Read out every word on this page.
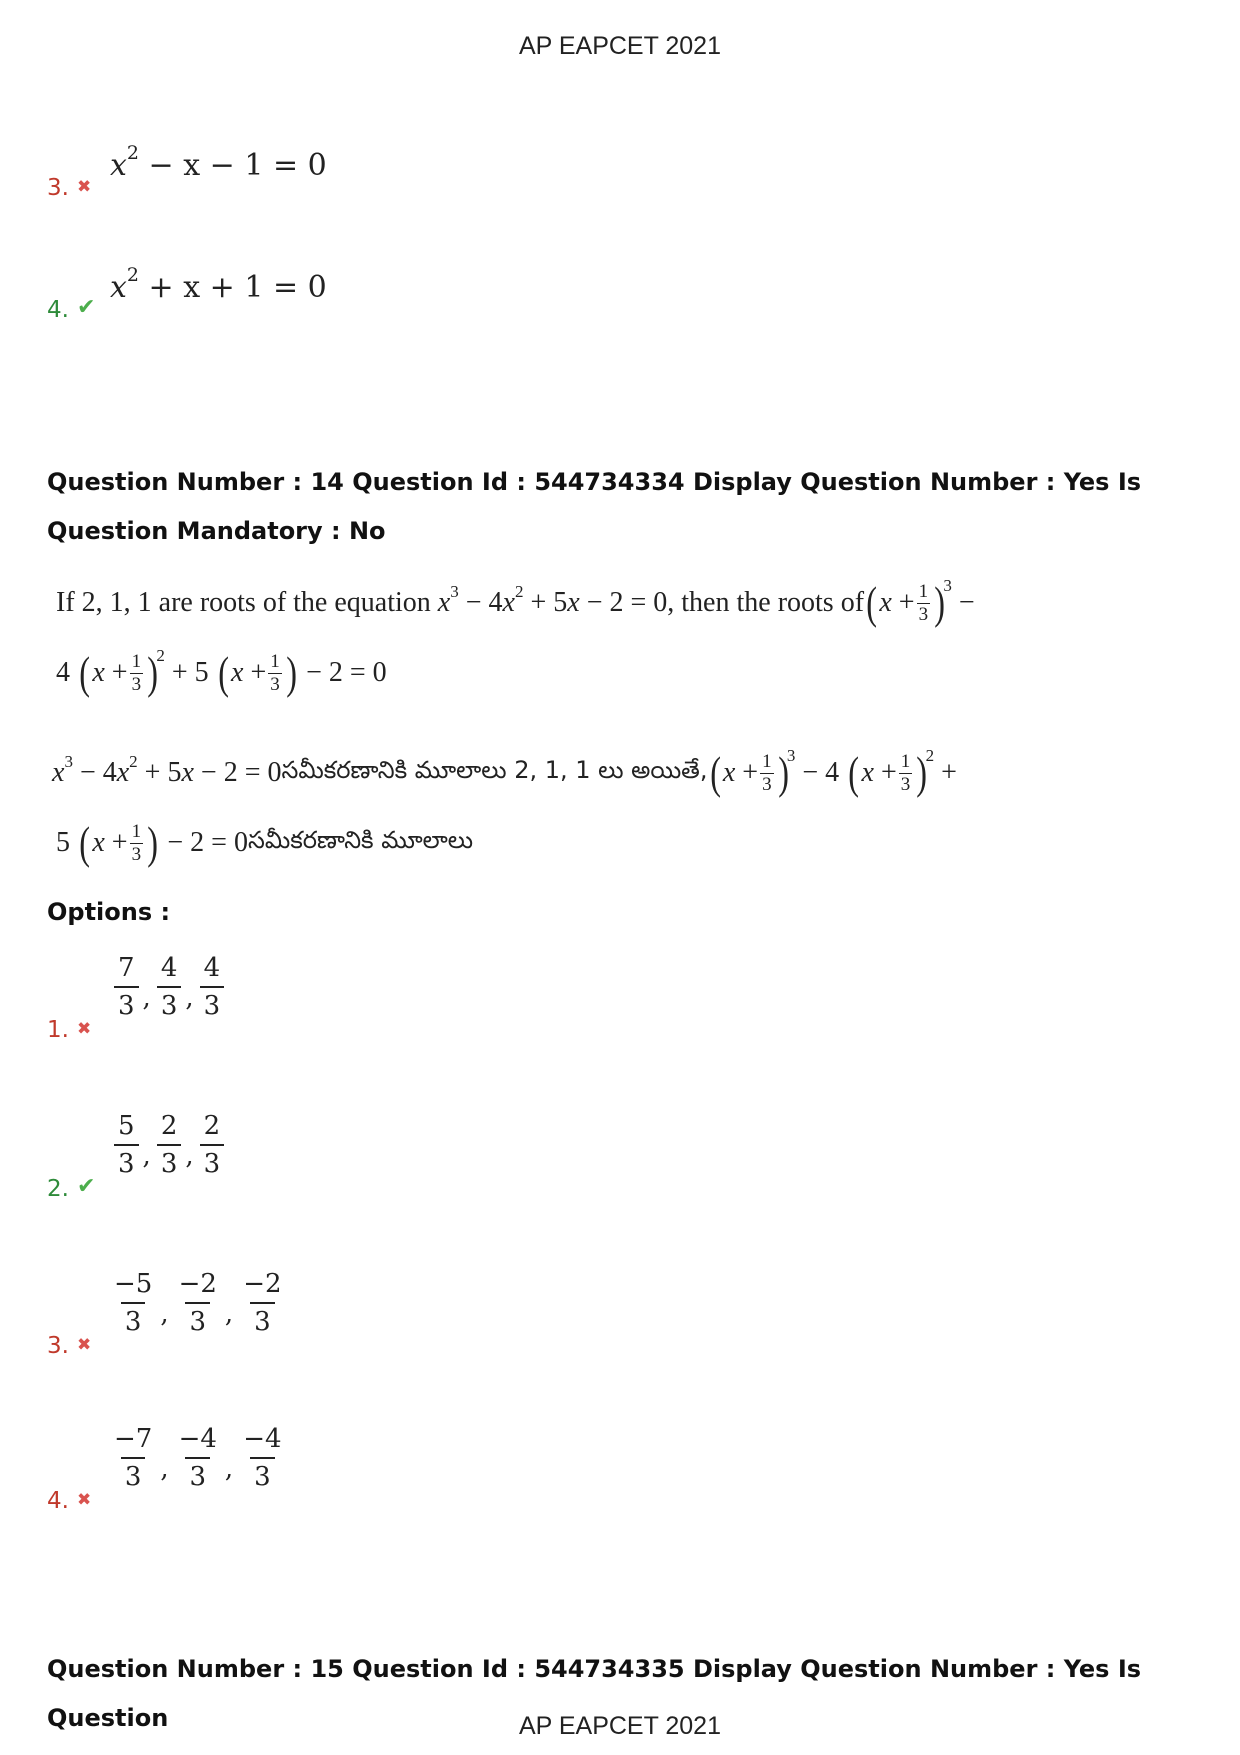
AP EAPCET 2021
3. ✖
$x^2 - x - 1 = 0$
4. ✔
$x^2 + x + 1 = 0$
Question Number : 14 Question Id : 544734334 Display Question Number : Yes Is Question Mandatory : No
If 2, 1, 1 are roots of the equation $x^3 - 4x^2 + 5x - 2 = 0$ , then the roots of ( $x + \frac{1}{3}$ )
3
−
4 ( $x + \frac{1}{3}$ )
2
+ 5 ( $x + \frac{1}{3}$ ) − 2 = 0
$x^3 - 4x^2 + 5x - 2 = 0$ సమీకరణానికి మూలాలు 2, 1, 1 లు అయితే, ( $x + \frac{1}{3}$ )
3
− 4 ( $x + \frac{1}{3}$ )
2
+
5 ( $x + \frac{1}{3}$ ) − 2 = 0 సమీకరణానికి మూలాలు
Options :
1. ✖
7
3 ,
4
3 ,
4
3
2. ✔
5
3 ,
2
3 ,
2
3
3. ✖
−5
3 ,
−2
3 ,
−2
3
4. ✖
−7
3 ,
−4
3 ,
−4
3
Question Number : 15 Question Id : 544734335 Display Question Number : Yes Is Question	AP EAPCET 2021
